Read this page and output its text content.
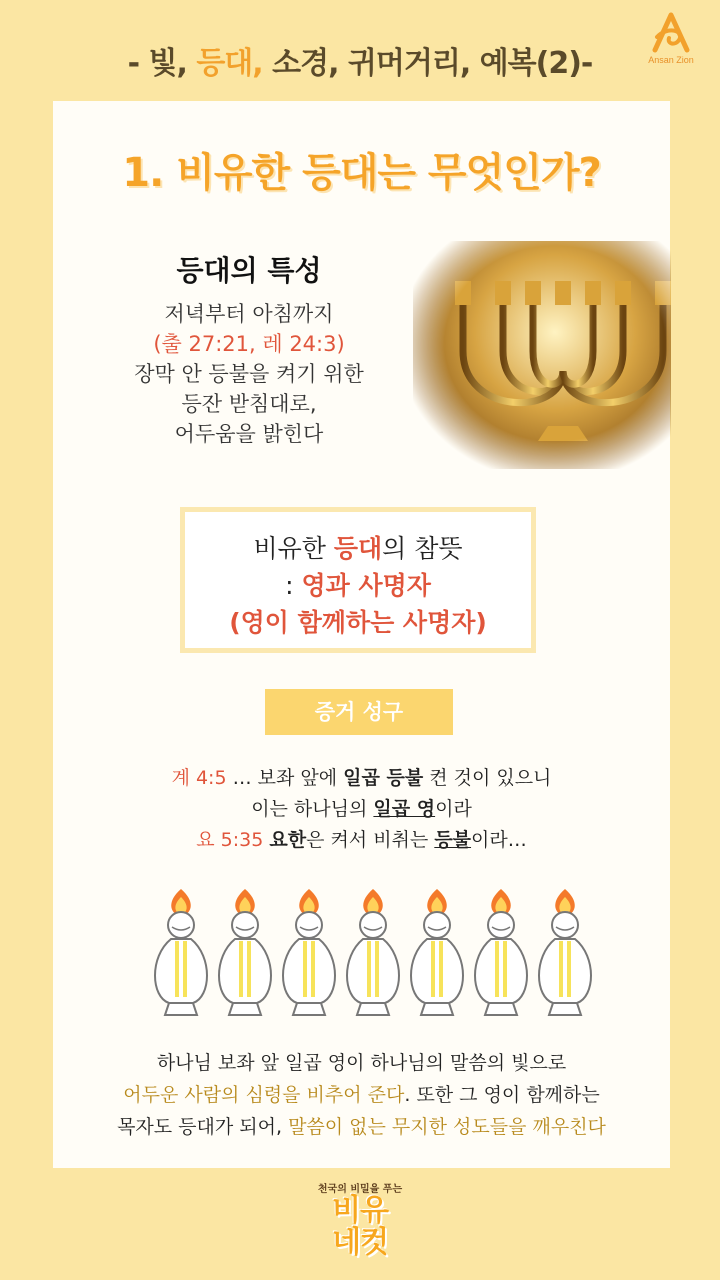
- 빛, 등대, 소경, 귀머거리, 예복(2)-	Ansan Zion
1. 비유한 등대는 무엇인가?
등대의 특성
저녁부터 아침까지
(출 27:21, 레 24:3)
장막 안 등불을 켜기 위한
등잔 받침대로,
어두움을 밝힌다
비유한 등대의 참뜻
: 영과 사명자
(영이 함께하는 사명자)
증거 성구
계 4:5 … 보좌 앞에 일곱 등불 켠 것이 있으니
이는 하나님의 일곱 영이라
요 5:35 요한은 켜서 비취는 등불이라…
하나님 보좌 앞 일곱 영이 하나님의 말씀의 빛으로
어두운 사람의 심령을 비추어 준다. 또한 그 영이 함께하는
목자도 등대가 되어, 말씀이 없는 무지한 성도들을 깨우친다
천국의 비밀을 푸는
비유
네컷
